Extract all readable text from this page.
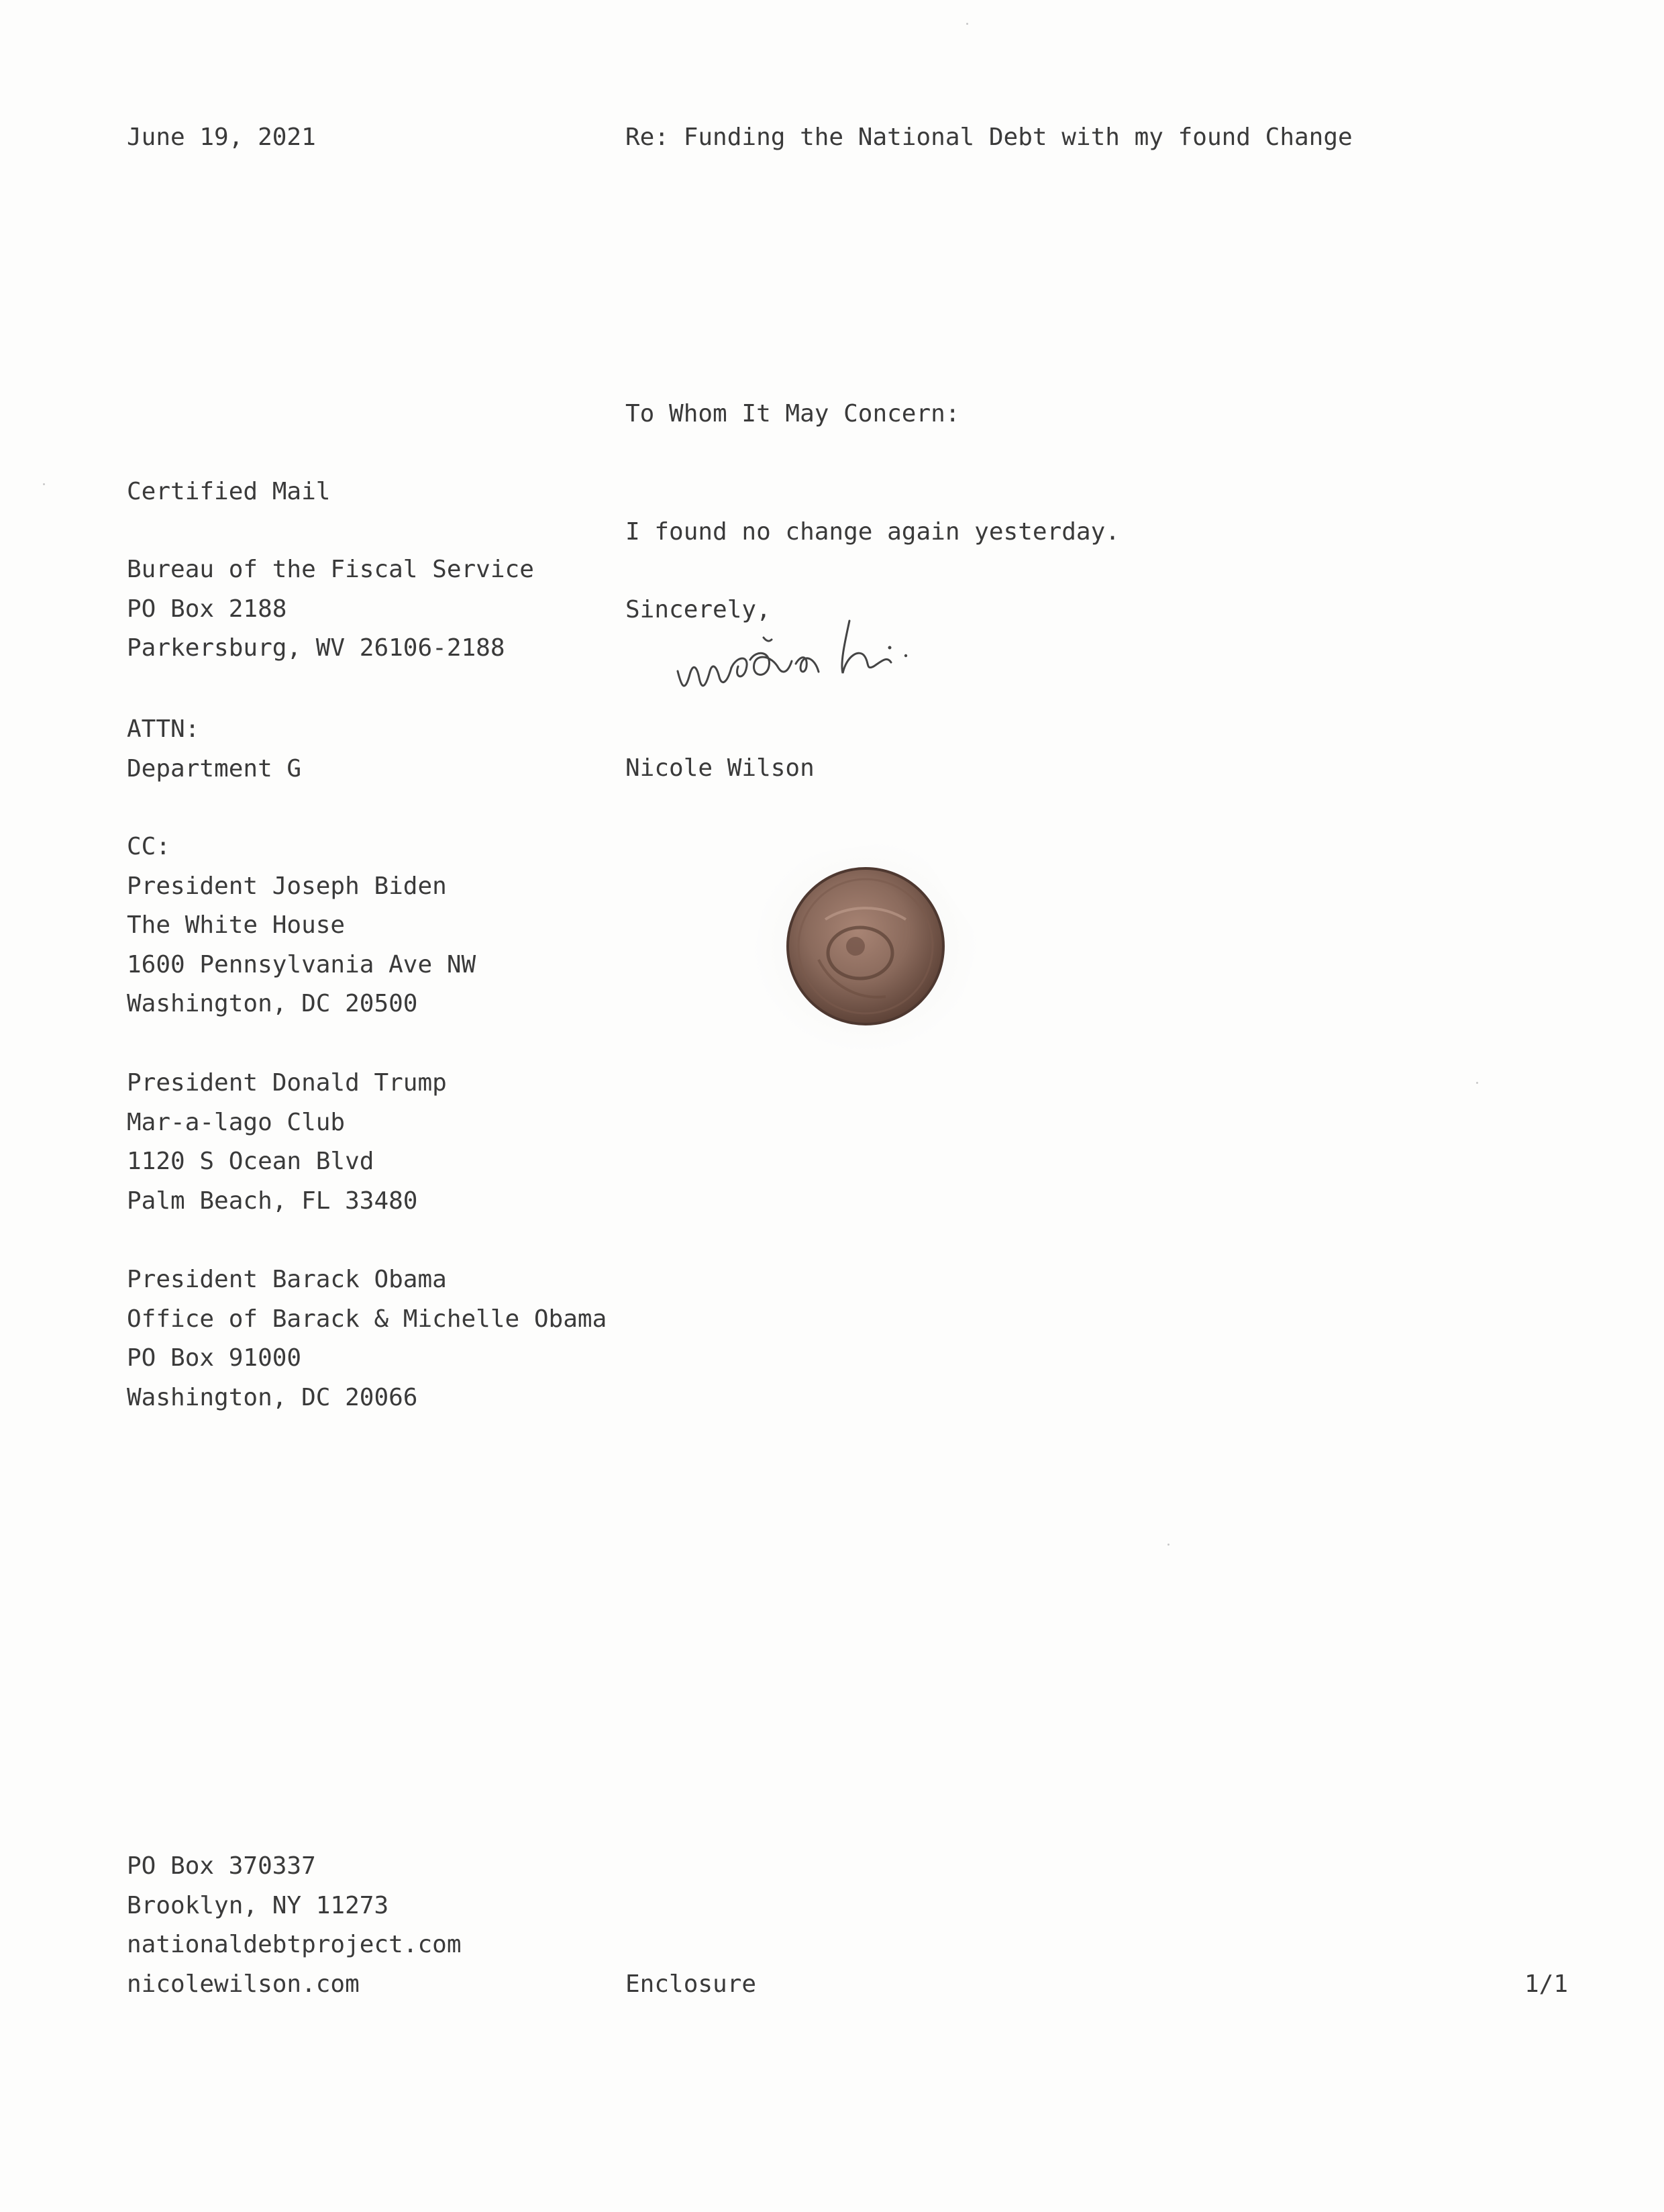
June 19, 2021	Re: Funding the National Debt with my found Change
To Whom It May Concern:
Certified Mail
Bureau of the Fiscal Service
PO Box 2188
Parkersburg, WV 26106-2188
I found no change again yesterday.
Sincerely,
Nicole Wilson
ATTN:
Department G
CC:
President Joseph Biden
The White House
1600 Pennsylvania Ave NW
Washington, DC 20500
President Donald Trump
Mar-a-lago Club
1120 S Ocean Blvd
Palm Beach, FL 33480
President Barack Obama
Office of Barack & Michelle Obama
PO Box 91000
Washington, DC 20066
PO Box 370337
Brooklyn, NY 11273
nationaldebtproject.com
nicolewilson.com	Enclosure	1/1
